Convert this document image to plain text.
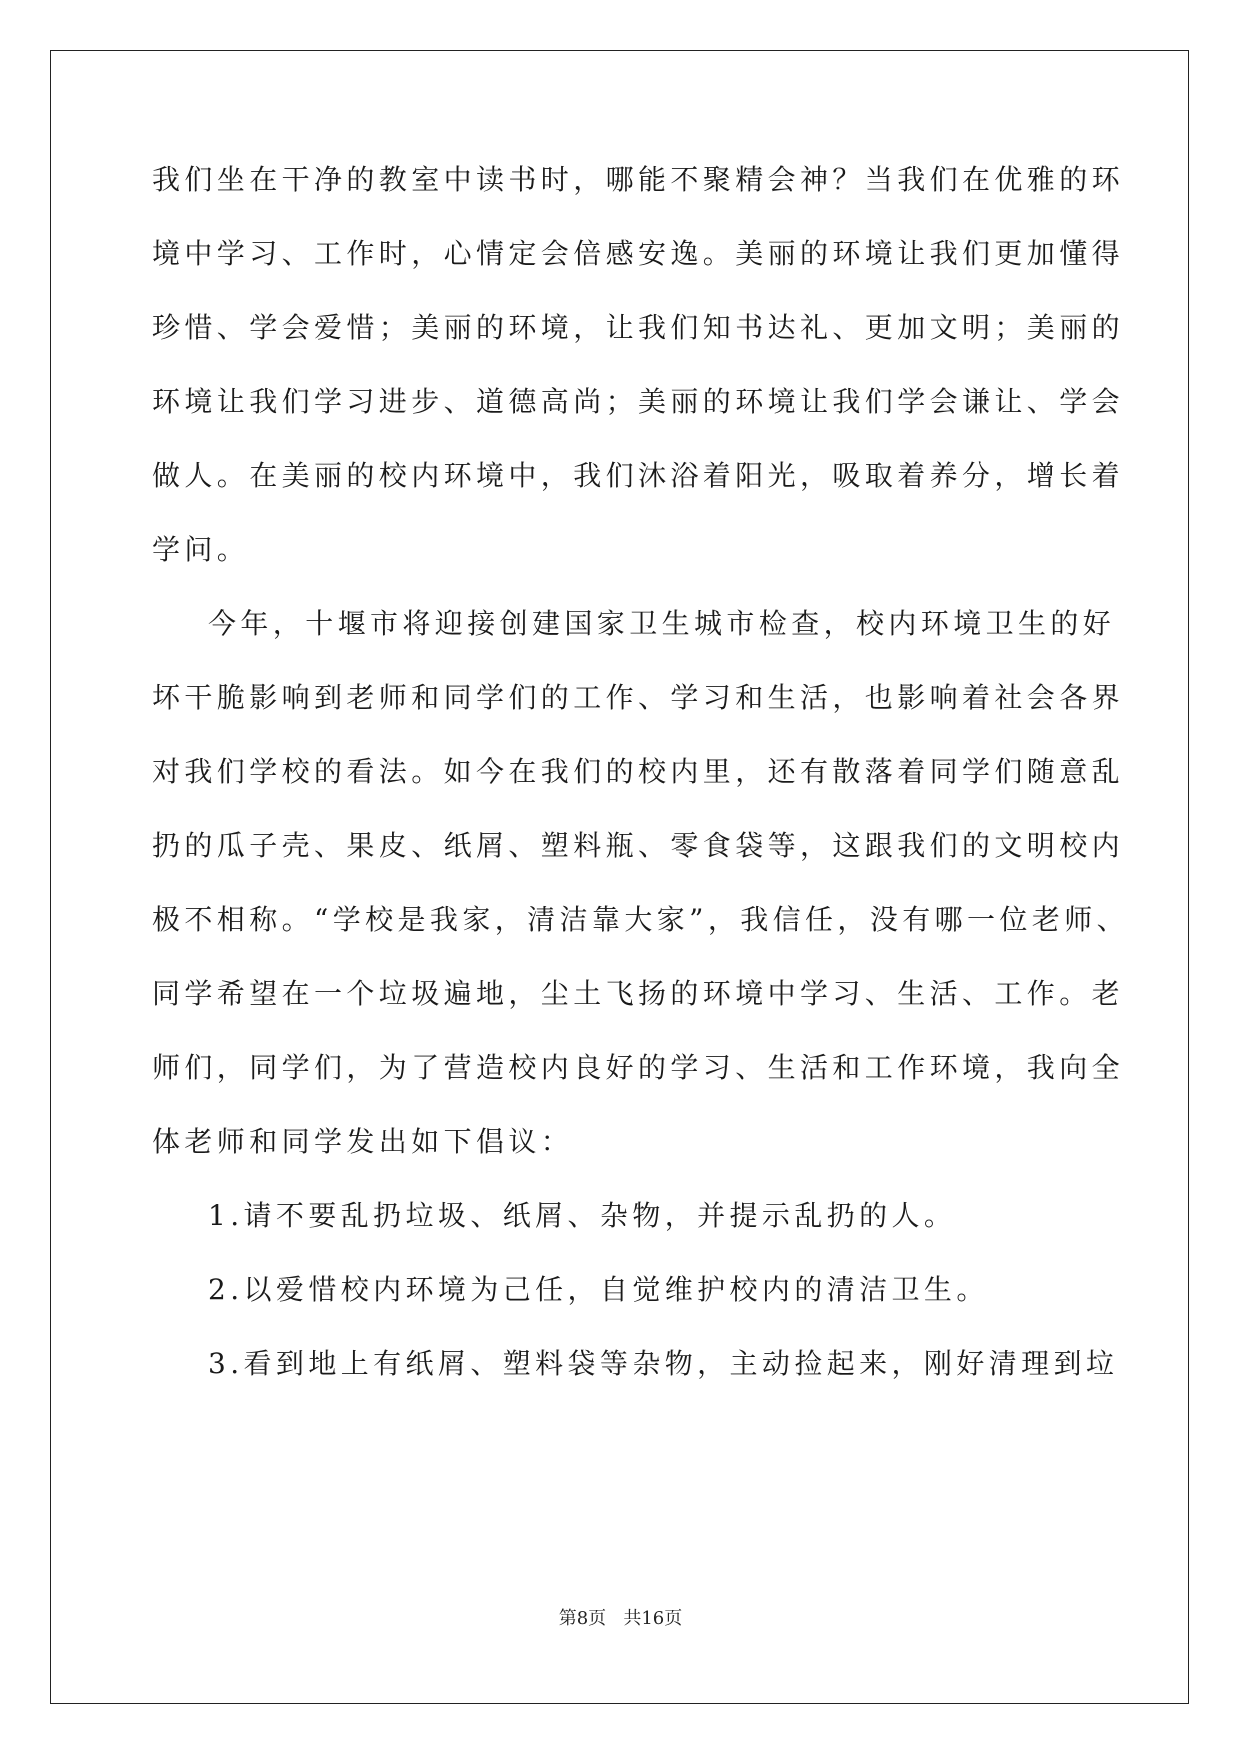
我们坐在干净的教室中读书时，哪能不聚精会神？当我们在优雅的环
境中学习、工作时，心情定会倍感安逸。美丽的环境让我们更加懂得
珍惜、学会爱惜；美丽的环境，让我们知书达礼、更加文明；美丽的
环境让我们学习进步、道德高尚；美丽的环境让我们学会谦让、学会
做人。在美丽的校内环境中，我们沐浴着阳光，吸取着养分，增长着
学问。
今年，十堰市将迎接创建国家卫生城市检查，校内环境卫生的好
坏干脆影响到老师和同学们的工作、学习和生活，也影响着社会各界
对我们学校的看法。如今在我们的校内里，还有散落着同学们随意乱
扔的瓜子壳、果皮、纸屑、塑料瓶、零食袋等，这跟我们的文明校内
极不相称。“学校是我家，清洁靠大家”，我信任，没有哪一位老师、
同学希望在一个垃圾遍地，尘土飞扬的环境中学习、生活、工作。老
师们，同学们，为了营造校内良好的学习、生活和工作环境，我向全
体老师和同学发出如下倡议：
1.请不要乱扔垃圾、纸屑、杂物，并提示乱扔的人。
2.以爱惜校内环境为己任，自觉维护校内的清洁卫生。
3.看到地上有纸屑、塑料袋等杂物，主动捡起来，刚好清理到垃
第8页 共16页
